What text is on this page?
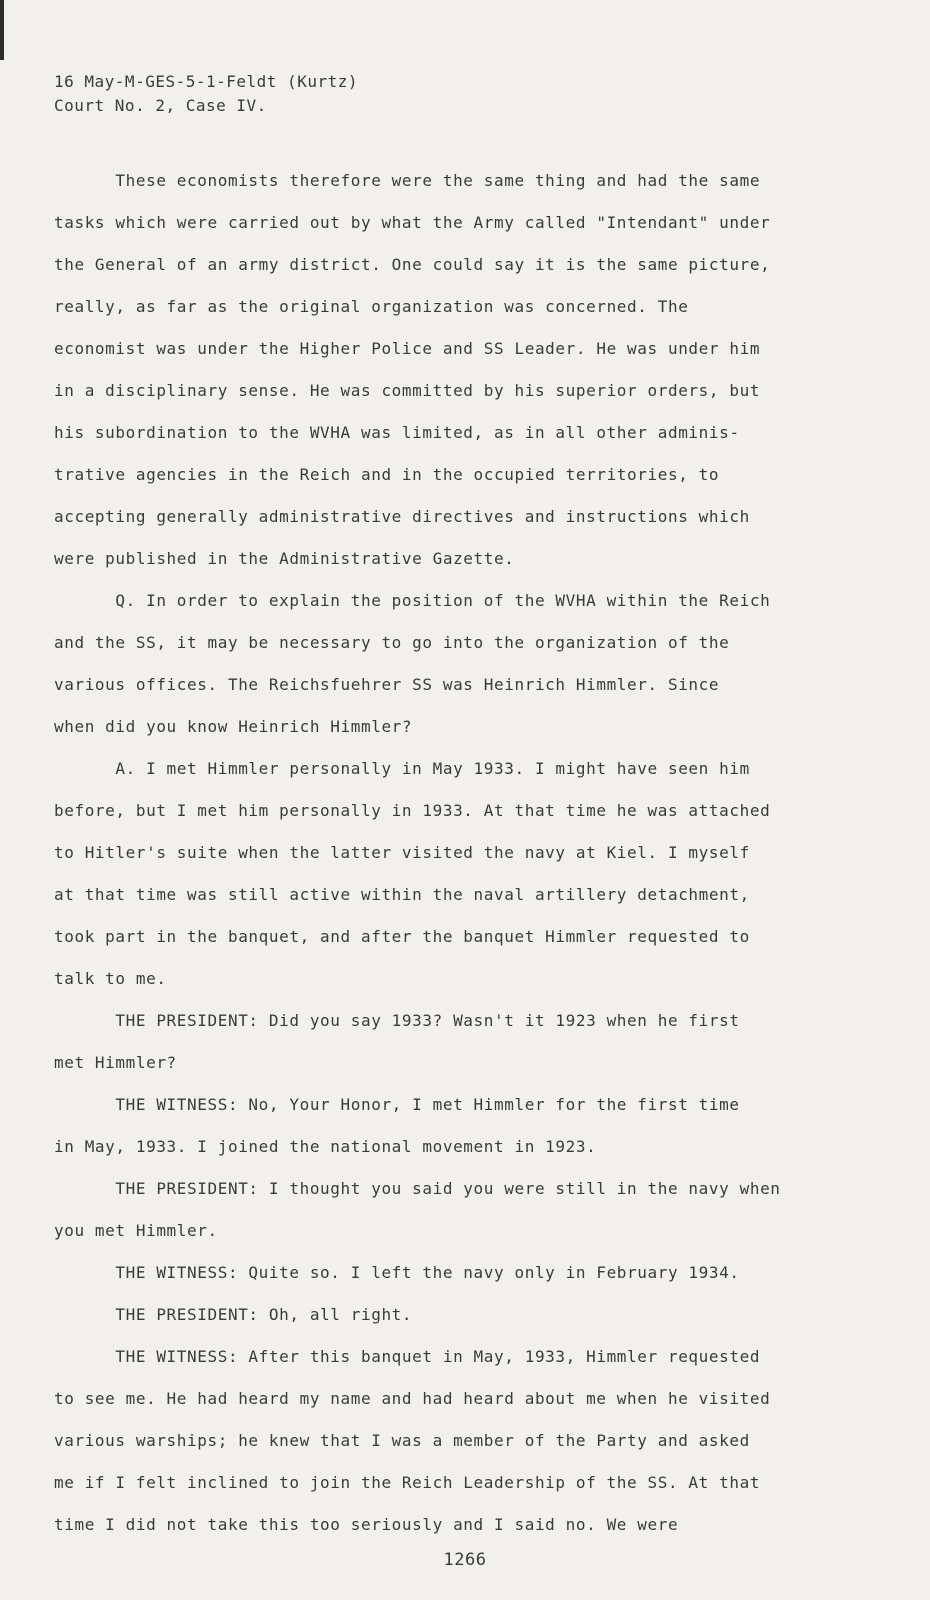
16 May-M-GES-5-1-Feldt (Kurtz)
Court No. 2, Case IV.
These economists therefore were the same thing and had the same
tasks which were carried out by what the Army called "Intendant" under
the General of an army district. One could say it is the same picture,
really, as far as the original organization was concerned. The
economist was under the Higher Police and SS Leader. He was under him
in a disciplinary sense. He was committed by his superior orders, but
his subordination to the WVHA was limited, as in all other adminis-
trative agencies in the Reich and in the occupied territories, to
accepting generally administrative directives and instructions which
were published in the Administrative Gazette.
Q. In order to explain the position of the WVHA within the Reich
and the SS, it may be necessary to go into the organization of the
various offices. The Reichsfuehrer SS was Heinrich Himmler. Since
when did you know Heinrich Himmler?
A. I met Himmler personally in May 1933. I might have seen him
before, but I met him personally in 1933. At that time he was attached
to Hitler's suite when the latter visited the navy at Kiel. I myself
at that time was still active within the naval artillery detachment,
took part in the banquet, and after the banquet Himmler requested to
talk to me.
THE PRESIDENT: Did you say 1933? Wasn't it 1923 when he first
met Himmler?
THE WITNESS: No, Your Honor, I met Himmler for the first time
in May, 1933. I joined the national movement in 1923.
THE PRESIDENT: I thought you said you were still in the navy when
you met Himmler.
THE WITNESS: Quite so. I left the navy only in February 1934.
THE PRESIDENT: Oh, all right.
THE WITNESS: After this banquet in May, 1933, Himmler requested
to see me. He had heard my name and had heard about me when he visited
various warships; he knew that I was a member of the Party and asked
me if I felt inclined to join the Reich Leadership of the SS. At that
time I did not take this too seriously and I said no. We were
1266
